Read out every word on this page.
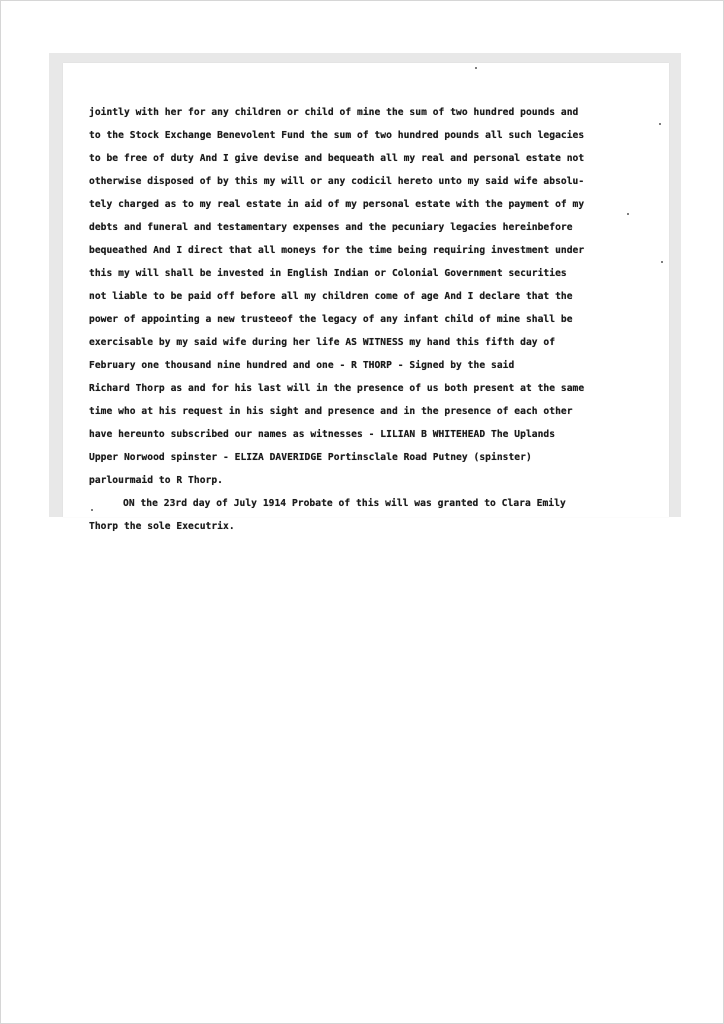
jointly with her for any children or child of mine the sum of two hundred pounds and
to the Stock Exchange Benevolent Fund the sum of two hundred pounds all such legacies
to be free of duty And I give devise and bequeath all my real and personal estate not
otherwise disposed of by this my will or any codicil hereto unto my said wife absolu-
tely charged as to my real estate in aid of my personal estate with the payment of my
debts and funeral and testamentary expenses and the pecuniary legacies hereinbefore
bequeathed And I direct that all moneys for the time being requiring investment under
this my will shall be invested in English Indian or Colonial Government securities
not liable to be paid off before all my children come of age And I declare that the
power of appointing a new trusteeof the legacy of any infant child of mine shall be
exercisable by my said wife during her life AS WITNESS my hand this fifth day of
February one thousand nine hundred and one - R THORP - Signed by the said
Richard Thorp as and for his last will in the presence of us both present at the same
time who at his request in his sight and presence and in the presence of each other
have hereunto subscribed our names as witnesses - LILIAN B WHITEHEAD The Uplands
Upper Norwood spinster - ELIZA DAVERIDGE Portinsclale Road Putney (spinster)
parlourmaid to R Thorp.
ON the 23rd day of July 1914 Probate of this will was granted to Clara Emily
Thorp the sole Executrix.
